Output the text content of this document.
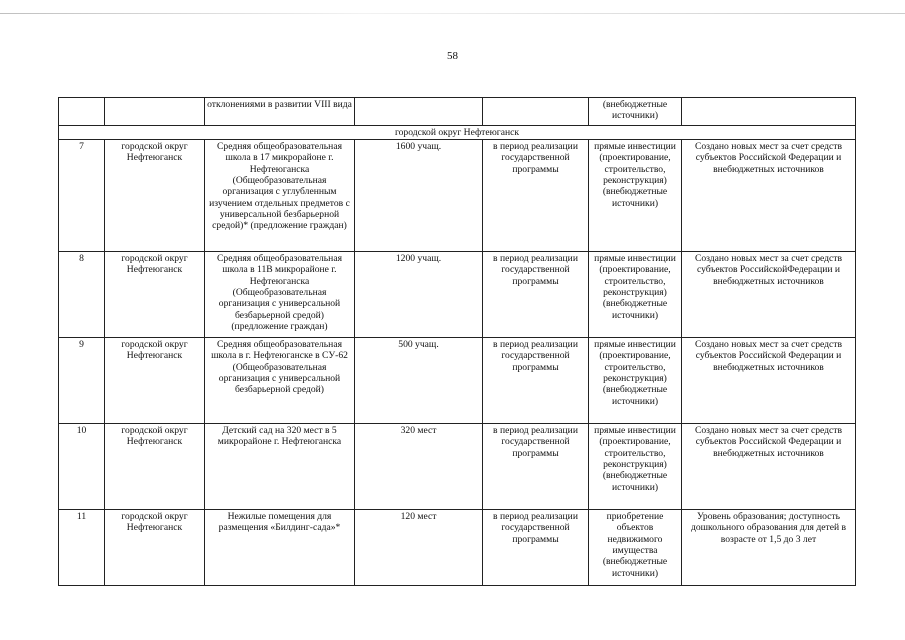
58
		отклонениями в развитии VIII вида			(внебюджетные источники)	
городской округ Нефтеюганск						
7	городской округ Нефтеюганск	Средняя общеобразовательная школа в 17 микрорайоне г. Нефтеюганска (Общеобразовательная организация с углубленным изучением отдельных предметов с универсальной безбарьерной средой)* (предложение граждан)	1600 учащ.	в период реализации государственной программы	прямые инвестиции (проектирование, строительство, реконструкция) (внебюджетные источники)	Создано новых мест за счет средств субъектов Российской Федерации и внебюджетных источников
8	городской округ Нефтеюганск	Средняя общеобразовательная школа в 11В микрорайоне г. Нефтеюганска (Общеобразовательная организация с универсальной безбарьерной средой) (предложение граждан)	1200 учащ.	в период реализации государственной программы	прямые инвестиции (проектирование, строительство, реконструкция) (внебюджетные источники)	Создано новых мест за счет средств субъектов РоссийскойФедерации и внебюджетных источников
9	городской округ Нефтеюганск	Средняя общеобразовательная школа в г. Нефтеюганске в СУ-62 (Общеобразовательная организация с универсальной безбарьерной средой)	500 учащ.	в период реализации государственной программы	прямые инвестиции (проектирование, строительство, реконструкция) (внебюджетные источники)	Создано новых мест за счет средств субъектов Российской Федерации и внебюджетных источников
10	городской округ Нефтеюганск	Детский сад на 320 мест в 5 микрорайоне г. Нефтеюганска	320 мест	в период реализации государственной программы	прямые инвестиции (проектирование, строительство, реконструкция) (внебюджетные источники)	Создано новых мест за счет средств субъектов Российской Федерации и внебюджетных источников
11	городской округ Нефтеюганск	Нежилые помещения для размещения «Билдинг-сада»*	120 мест	в период реализации государственной программы	приобретение объектов недвижимого имущества (внебюджетные источники)	Уровень образования; доступность дошкольного образования для детей в возрасте от 1,5 до 3 лет
